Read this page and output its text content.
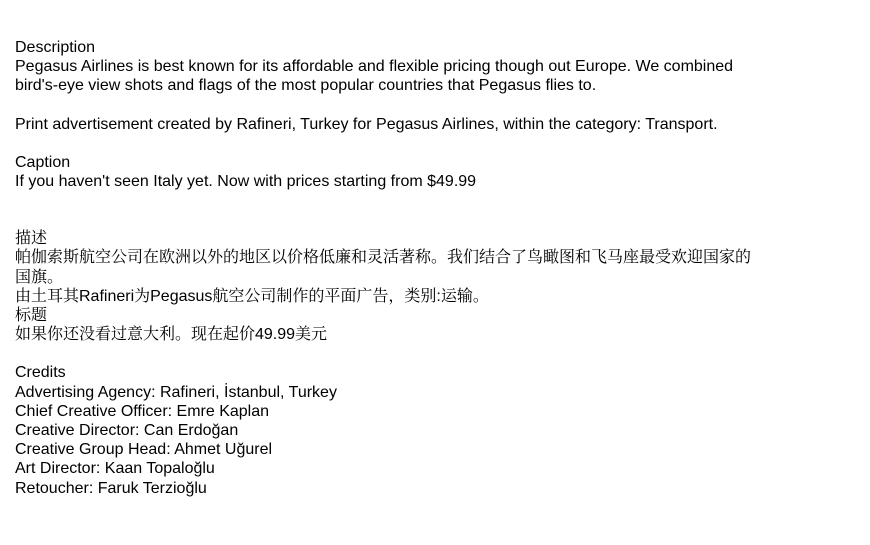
Description
Pegasus Airlines is best known for its affordable and flexible pricing though out Europe. We combined
bird's-eye view shots and flags of the most popular countries that Pegasus flies to.
Print advertisement created by Rafineri, Turkey for Pegasus Airlines, within the category: Transport.
Caption
If you haven't seen Italy yet. Now with prices starting from $49.99
描述
帕伽索斯航空公司在欧洲以外的地区以价格低廉和灵活著称。我们结合了鸟瞰图和飞马座最受欢迎国家的
国旗。
由土耳其Rafineri为Pegasus航空公司制作的平面广告，类别:运输。
标题
如果你还没看过意大利。现在起价49.99美元
Credits
Advertising Agency: Rafineri, İstanbul, Turkey
Chief Creative Officer: Emre Kaplan
Creative Director: Can Erdoğan
Creative Group Head: Ahmet Uğurel
Art Director: Kaan Topaloğlu
Retoucher: Faruk Terzioğlu
